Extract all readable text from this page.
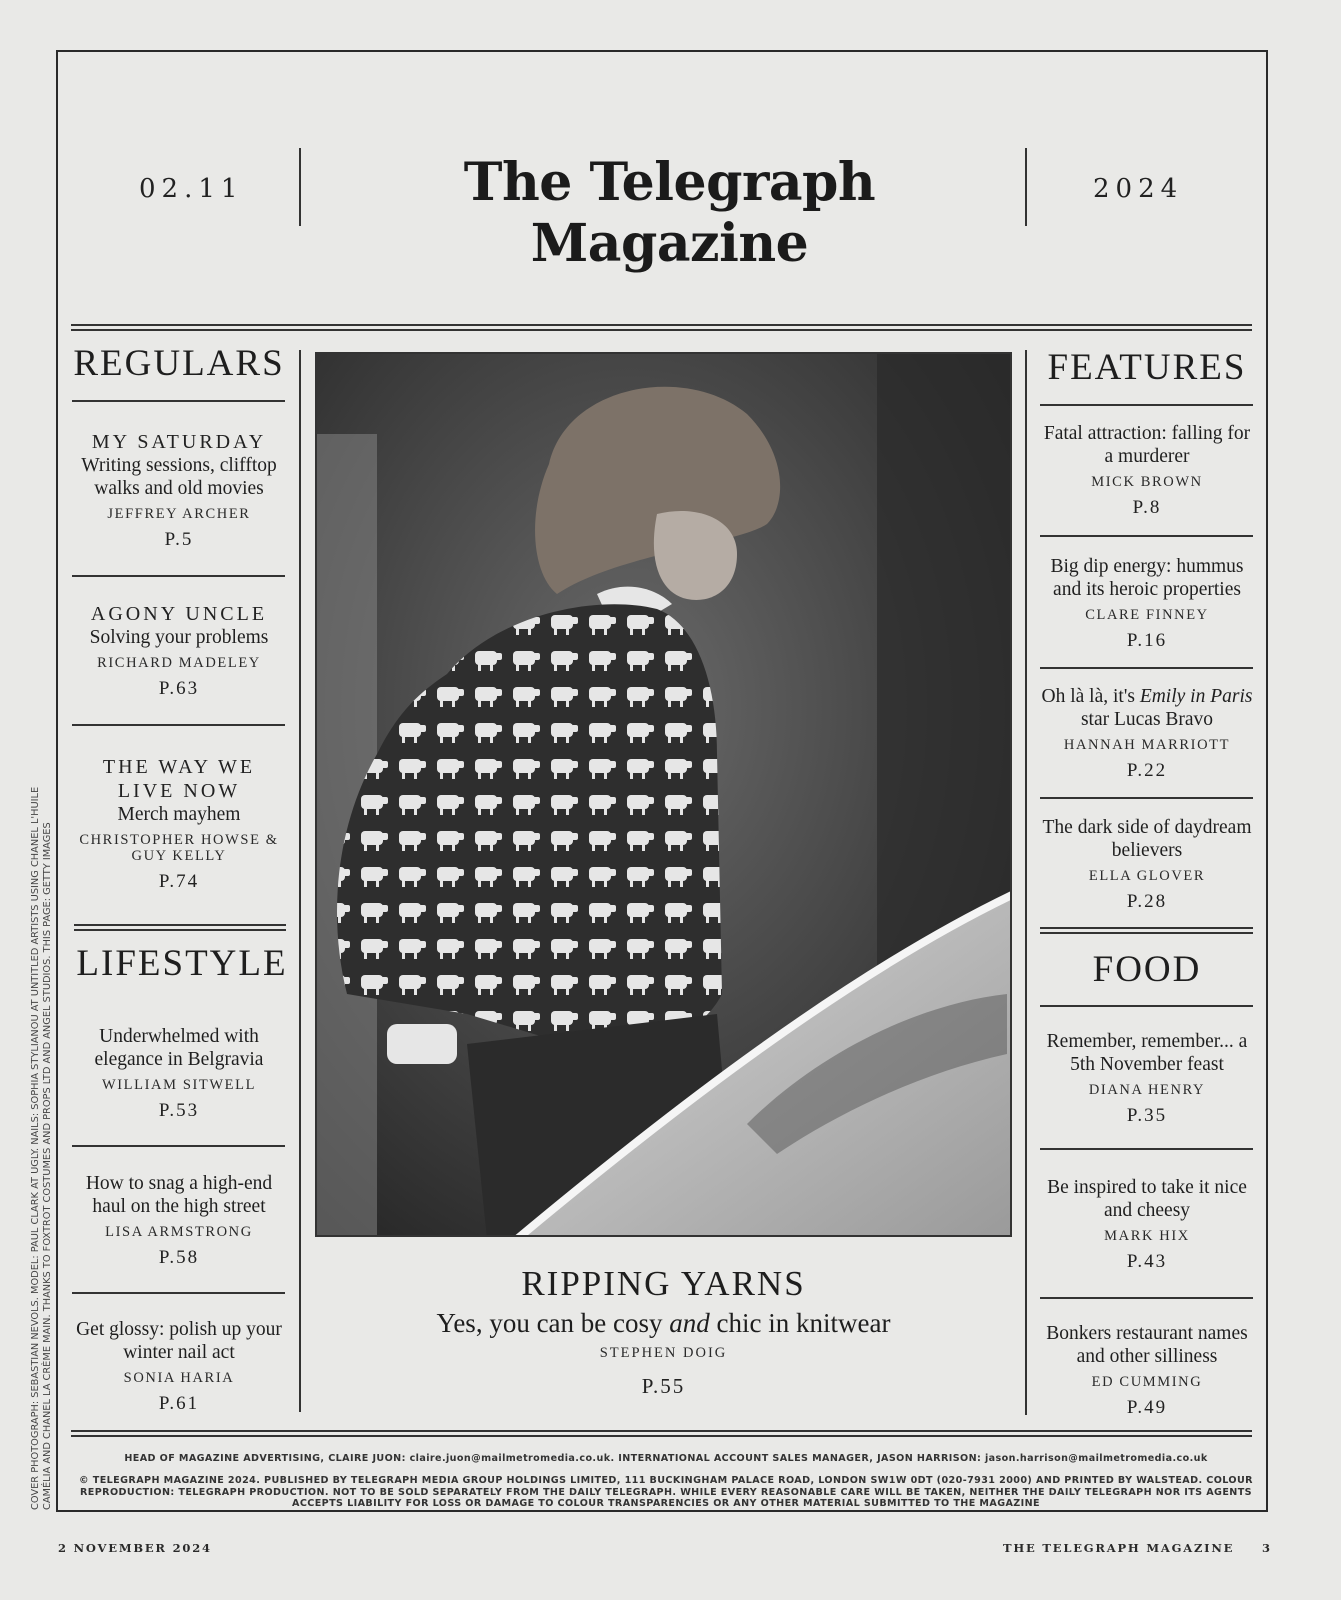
02.11	The Telegraph Magazine
2024
REGULARS
MY SATURDAY
Writing sessions, clifftop walks and old movies
JEFFREY ARCHER
P.5
AGONY UNCLE
Solving your problems
RICHARD MADELEY
P.63
THE WAY WE LIVE NOW
Merch mayhem
CHRISTOPHER HOWSE & GUY KELLY
P.74
LIFESTYLE
Underwhelmed with elegance in Belgravia
WILLIAM SITWELL
P.53
How to snag a high-end haul on the high street
LISA ARMSTRONG
P.58
Get glossy: polish up your winter nail act
SONIA HARIA
P.61
RIPPING YARNS
Yes, you can be cosy and chic in knitwear
STEPHEN DOIG
P.55
FEATURES
Fatal attraction: falling for a murderer
MICK BROWN
P.8
Big dip energy: hummus and its heroic properties
CLARE FINNEY
P.16
Oh là là, it's Emily in Paris star Lucas Bravo
HANNAH MARRIOTT
P.22
The dark side of daydream believers
ELLA GLOVER
P.28
FOOD
Remember, remember... a 5th November feast
DIANA HENRY
P.35
Be inspired to take it nice and cheesy
MARK HIX
P.43
Bonkers restaurant names and other silliness
ED CUMMING
P.49
HEAD OF MAGAZINE ADVERTISING, CLAIRE JUON: claire.juon@mailmetromedia.co.uk. INTERNATIONAL ACCOUNT SALES MANAGER, JASON HARRISON: jason.harrison@mailmetromedia.co.uk
© TELEGRAPH MAGAZINE 2024. PUBLISHED BY TELEGRAPH MEDIA GROUP HOLDINGS LIMITED, 111 BUCKINGHAM PALACE ROAD, LONDON SW1W 0DT (020-7931 2000) AND PRINTED BY WALSTEAD. COLOUR REPRODUCTION: TELEGRAPH PRODUCTION. NOT TO BE SOLD SEPARATELY FROM THE DAILY TELEGRAPH. WHILE EVERY REASONABLE CARE WILL BE TAKEN, NEITHER THE DAILY TELEGRAPH NOR ITS AGENTS ACCEPTS LIABILITY FOR LOSS OR DAMAGE TO COLOUR TRANSPARENCIES OR ANY OTHER MATERIAL SUBMITTED TO THE MAGAZINE
COVER PHOTOGRAPH: SEBASTIAN NEVOLS. MODEL: PAUL CLARK AT UGLY. NAILS: SOPHIA STYLIANOU AT UNTITLED ARTISTS USING CHANEL L'HUILE CAMÉLIA AND CHANEL LA CRÈME MAIN. THANKS TO FOXTROT COSTUMES AND PROPS LTD AND ANGEL STUDIOS. THIS PAGE: GETTY IMAGES
2 NOVEMBER 2024	THE TELEGRAPH MAGAZINE 3
